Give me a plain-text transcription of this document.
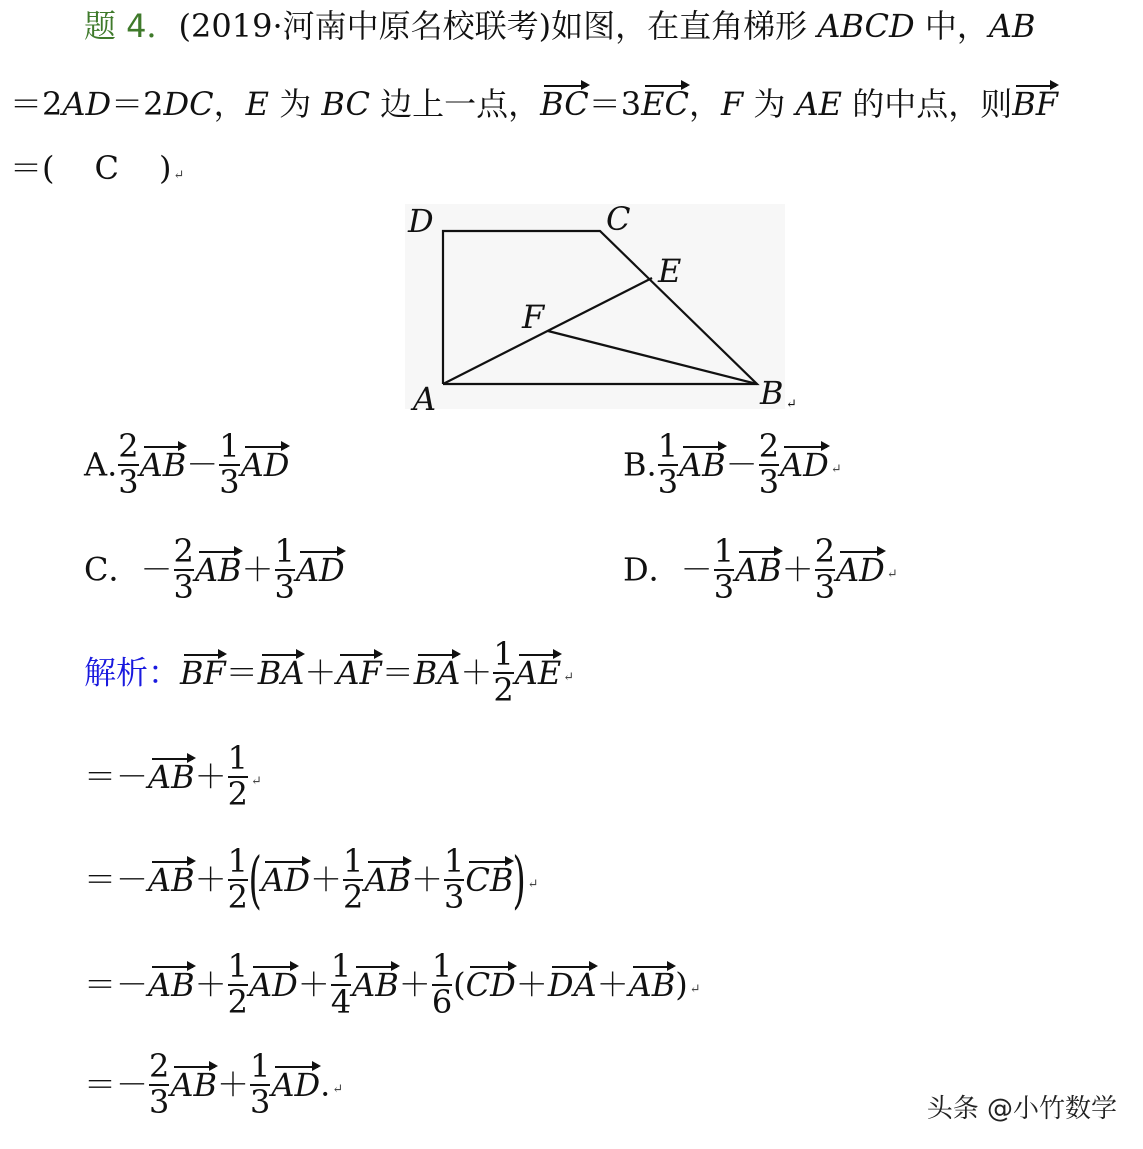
题 4．(2019·河南中原名校联考)如图，在直角梯形 ABCD 中，AB
＝2AD＝2DC，E 为 BC 边上一点，BC＝3EC，F 为 AE 的中点，则BF
＝( C ) ↵
D	C
E
F
A	B ↵
A. $\frac{2}{3} AB- \frac{1}{3}$ AD	B. $\frac{1}{3} AB- \frac{2}{3}$ AD ↵
C．－ $\frac{2}{3} AB+ \frac{1}{3}$ AD	D．－ $\frac{1}{3} AB+ \frac{2}{3}$ AD ↵
解析：$BF=BA+AF=BA+ \frac{1}{2}$ AE ↵
$=-AB+ \frac{1}{2}$ ↵
$=-AB+ \frac{1}{2} (AD+ \frac{1}{2} AB+ \frac{1}{3}$ CB)↵
$=-AB+ \frac{1}{2} AD+ \frac{1}{4} AB+ \frac{1}{6} (CD+DA+AB)$ ↵
＝－ $\frac{2}{3} AB+ \frac{1}{3}$ AD. ↵
头条 @小竹数学
